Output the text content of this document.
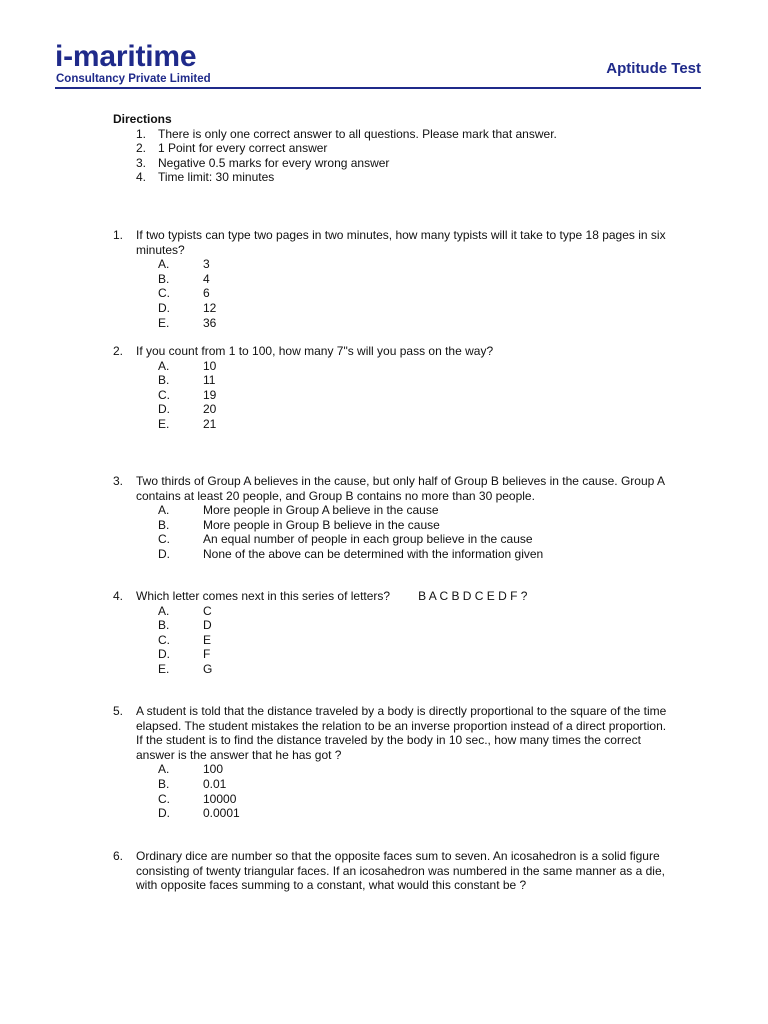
i-maritime
Consultancy Private Limited
Aptitude Test
Directions
1. There is only one correct answer to all questions. Please mark that answer.
2. 1 Point for every correct answer
3. Negative 0.5 marks for every wrong answer
4. Time limit: 30 minutes
1.	If two typists can type two pages in two minutes, how many typists will it take to type 18 pages in six minutes?
A.	3
B.	4
C.	6
D.	12
E.	36
2.	If you count from 1 to 100, how many 7"s will you pass on the way?
A.	10
B.	11
C.	19
D.	20
E.	21
3.	Two thirds of Group A believes in the cause, but only half of Group B believes in the cause. Group A contains at least 20 people, and Group B contains no more than 30 people.
A.	More people in Group A believe in the cause
B.	More people in Group B believe in the cause
C.	An equal number of people in each group believe in the cause
D.	None of the above can be determined with the information given
4.	Which letter comes next in this series of letters? B A C B D C E D F ?
A.	C
B.	D
C.	E
D.	F
E.	G
5.	A student is told that the distance traveled by a body is directly proportional to the square of the time elapsed. The student mistakes the relation to be an inverse proportion instead of a direct proportion. If the student is to find the distance traveled by the body in 10 sec., how many times the correct answer is the answer that he has got ?
A.	100
B.	0.01
C.	10000
D.	0.0001
6.	Ordinary dice are number so that the opposite faces sum to seven. An icosahedron is a solid figure consisting of twenty triangular faces. If an icosahedron was numbered in the same manner as a die, with opposite faces summing to a constant, what would this constant be ?
